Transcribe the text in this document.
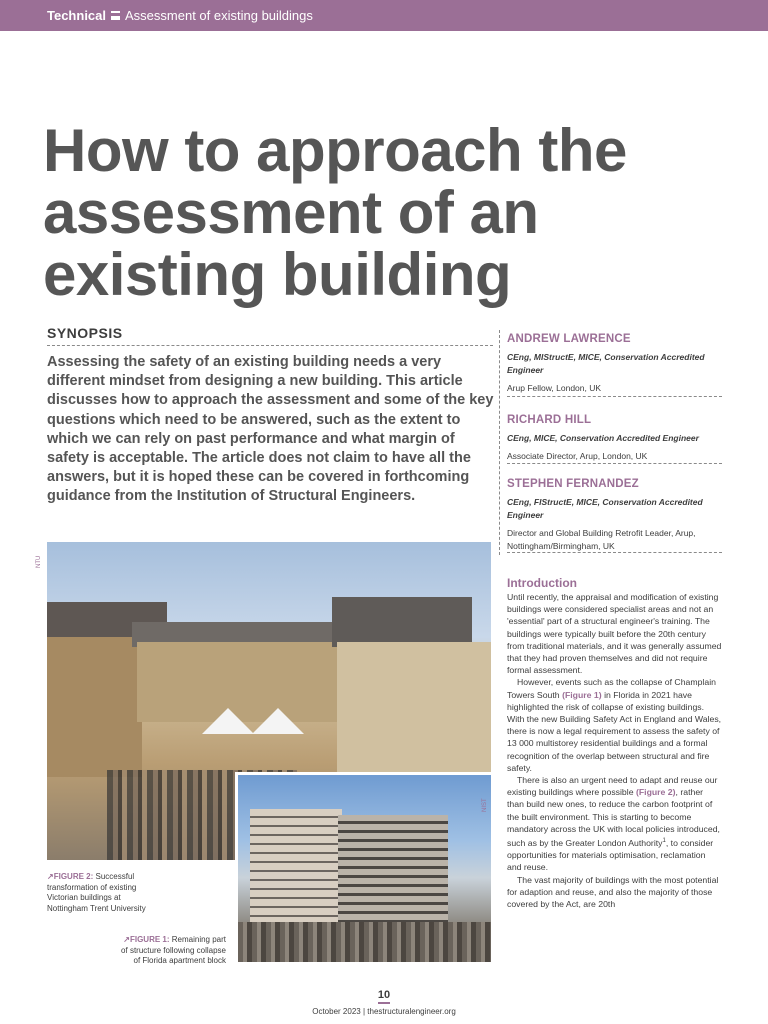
Technical Assessment of existing buildings
How to approach the
assessment of an
existing building
SYNOPSIS
Assessing the safety of an existing building needs a very different mindset from designing a new building. This article discusses how to approach the assessment and some of the key questions which need to be answered, such as the extent to which we can rely on past performance and what margin of safety is acceptable. The article does not claim to have all the answers, but it is hoped these can be covered in forthcoming guidance from the Institution of Structural Engineers.
ANDREW LAWRENCE
CEng, MIStructE, MICE, Conservation Accredited Engineer
Arup Fellow, London, UK
RICHARD HILL
CEng, MICE, Conservation Accredited Engineer
Associate Director, Arup, London, UK
STEPHEN FERNANDEZ
CEng, FIStructE, MICE, Conservation Accredited Engineer
Director and Global Building Retrofit Leader, Arup, Nottingham/Birmingham, UK
NTU
NIST
↗FIGURE 2: Successful transformation of existing Victorian buildings at Nottingham Trent University
↗FIGURE 1: Remaining part of structure following collapse of Florida apartment block
Introduction

Until recently, the appraisal and modification of existing buildings were considered specialist areas and not an 'essential' part of a structural engineer's training. The buildings were typically built before the 20th century from traditional materials, and it was generally assumed that they had proven themselves and did not require formal assessment.

However, events such as the collapse of Champlain Towers South (Figure 1) in Florida in 2021 have highlighted the risk of collapse of existing buildings. With the new Building Safety Act in England and Wales, there is now a legal requirement to assess the safety of 13 000 multistorey residential buildings and a formal recognition of the overlap between structural and fire safety.

There is also an urgent need to adapt and reuse our existing buildings where possible (Figure 2), rather than build new ones, to reduce the carbon footprint of the built environment. This is starting to become mandatory across the UK with local policies introduced, such as by the Greater London Authority$^1$, to consider opportunities for materials optimisation, reclamation and reuse.

The vast majority of buildings with the most potential for adaption and reuse, and also the majority of those covered by the Act, are 20th

10
October 2023 | thestructuralengineer.org
